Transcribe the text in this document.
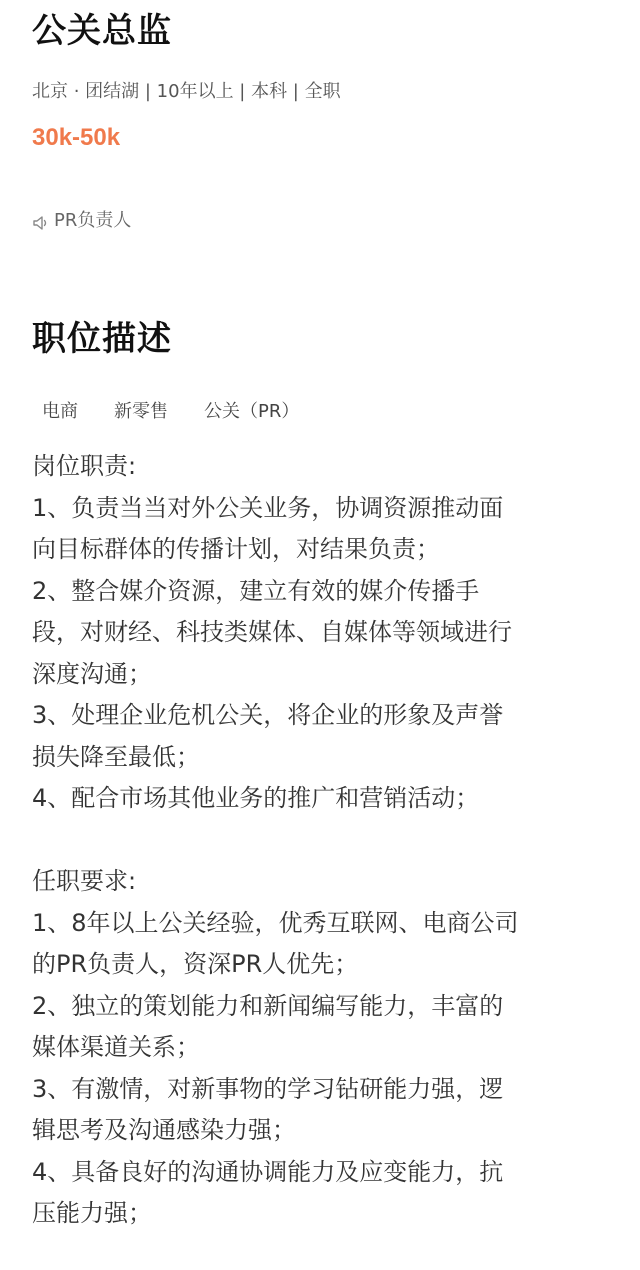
公关总监
北京 · 团结湖 | 10年以上 | 本科 | 全职
30k-50k
PR负责人
职位描述
电商 新零售 公关（PR）

岗位职责:

1、负责当当对外公关业务，协调资源推动面

向目标群体的传播计划，对结果负责；

2、整合媒介资源，建立有效的媒介传播手

段，对财经、科技类媒体、自媒体等领域进行

深度沟通；

3、处理企业危机公关，将企业的形象及声誉

损失降至最低；

4、配合市场其他业务的推广和营销活动；

任职要求:

1、8年以上公关经验，优秀互联网、电商公司

的PR负责人，资深PR人优先；

2、独立的策划能力和新闻编写能力，丰富的

媒体渠道关系；

3、有激情，对新事物的学习钻研能力强，逻

辑思考及沟通感染力强；

4、具备良好的沟通协调能力及应变能力，抗

压能力强；
